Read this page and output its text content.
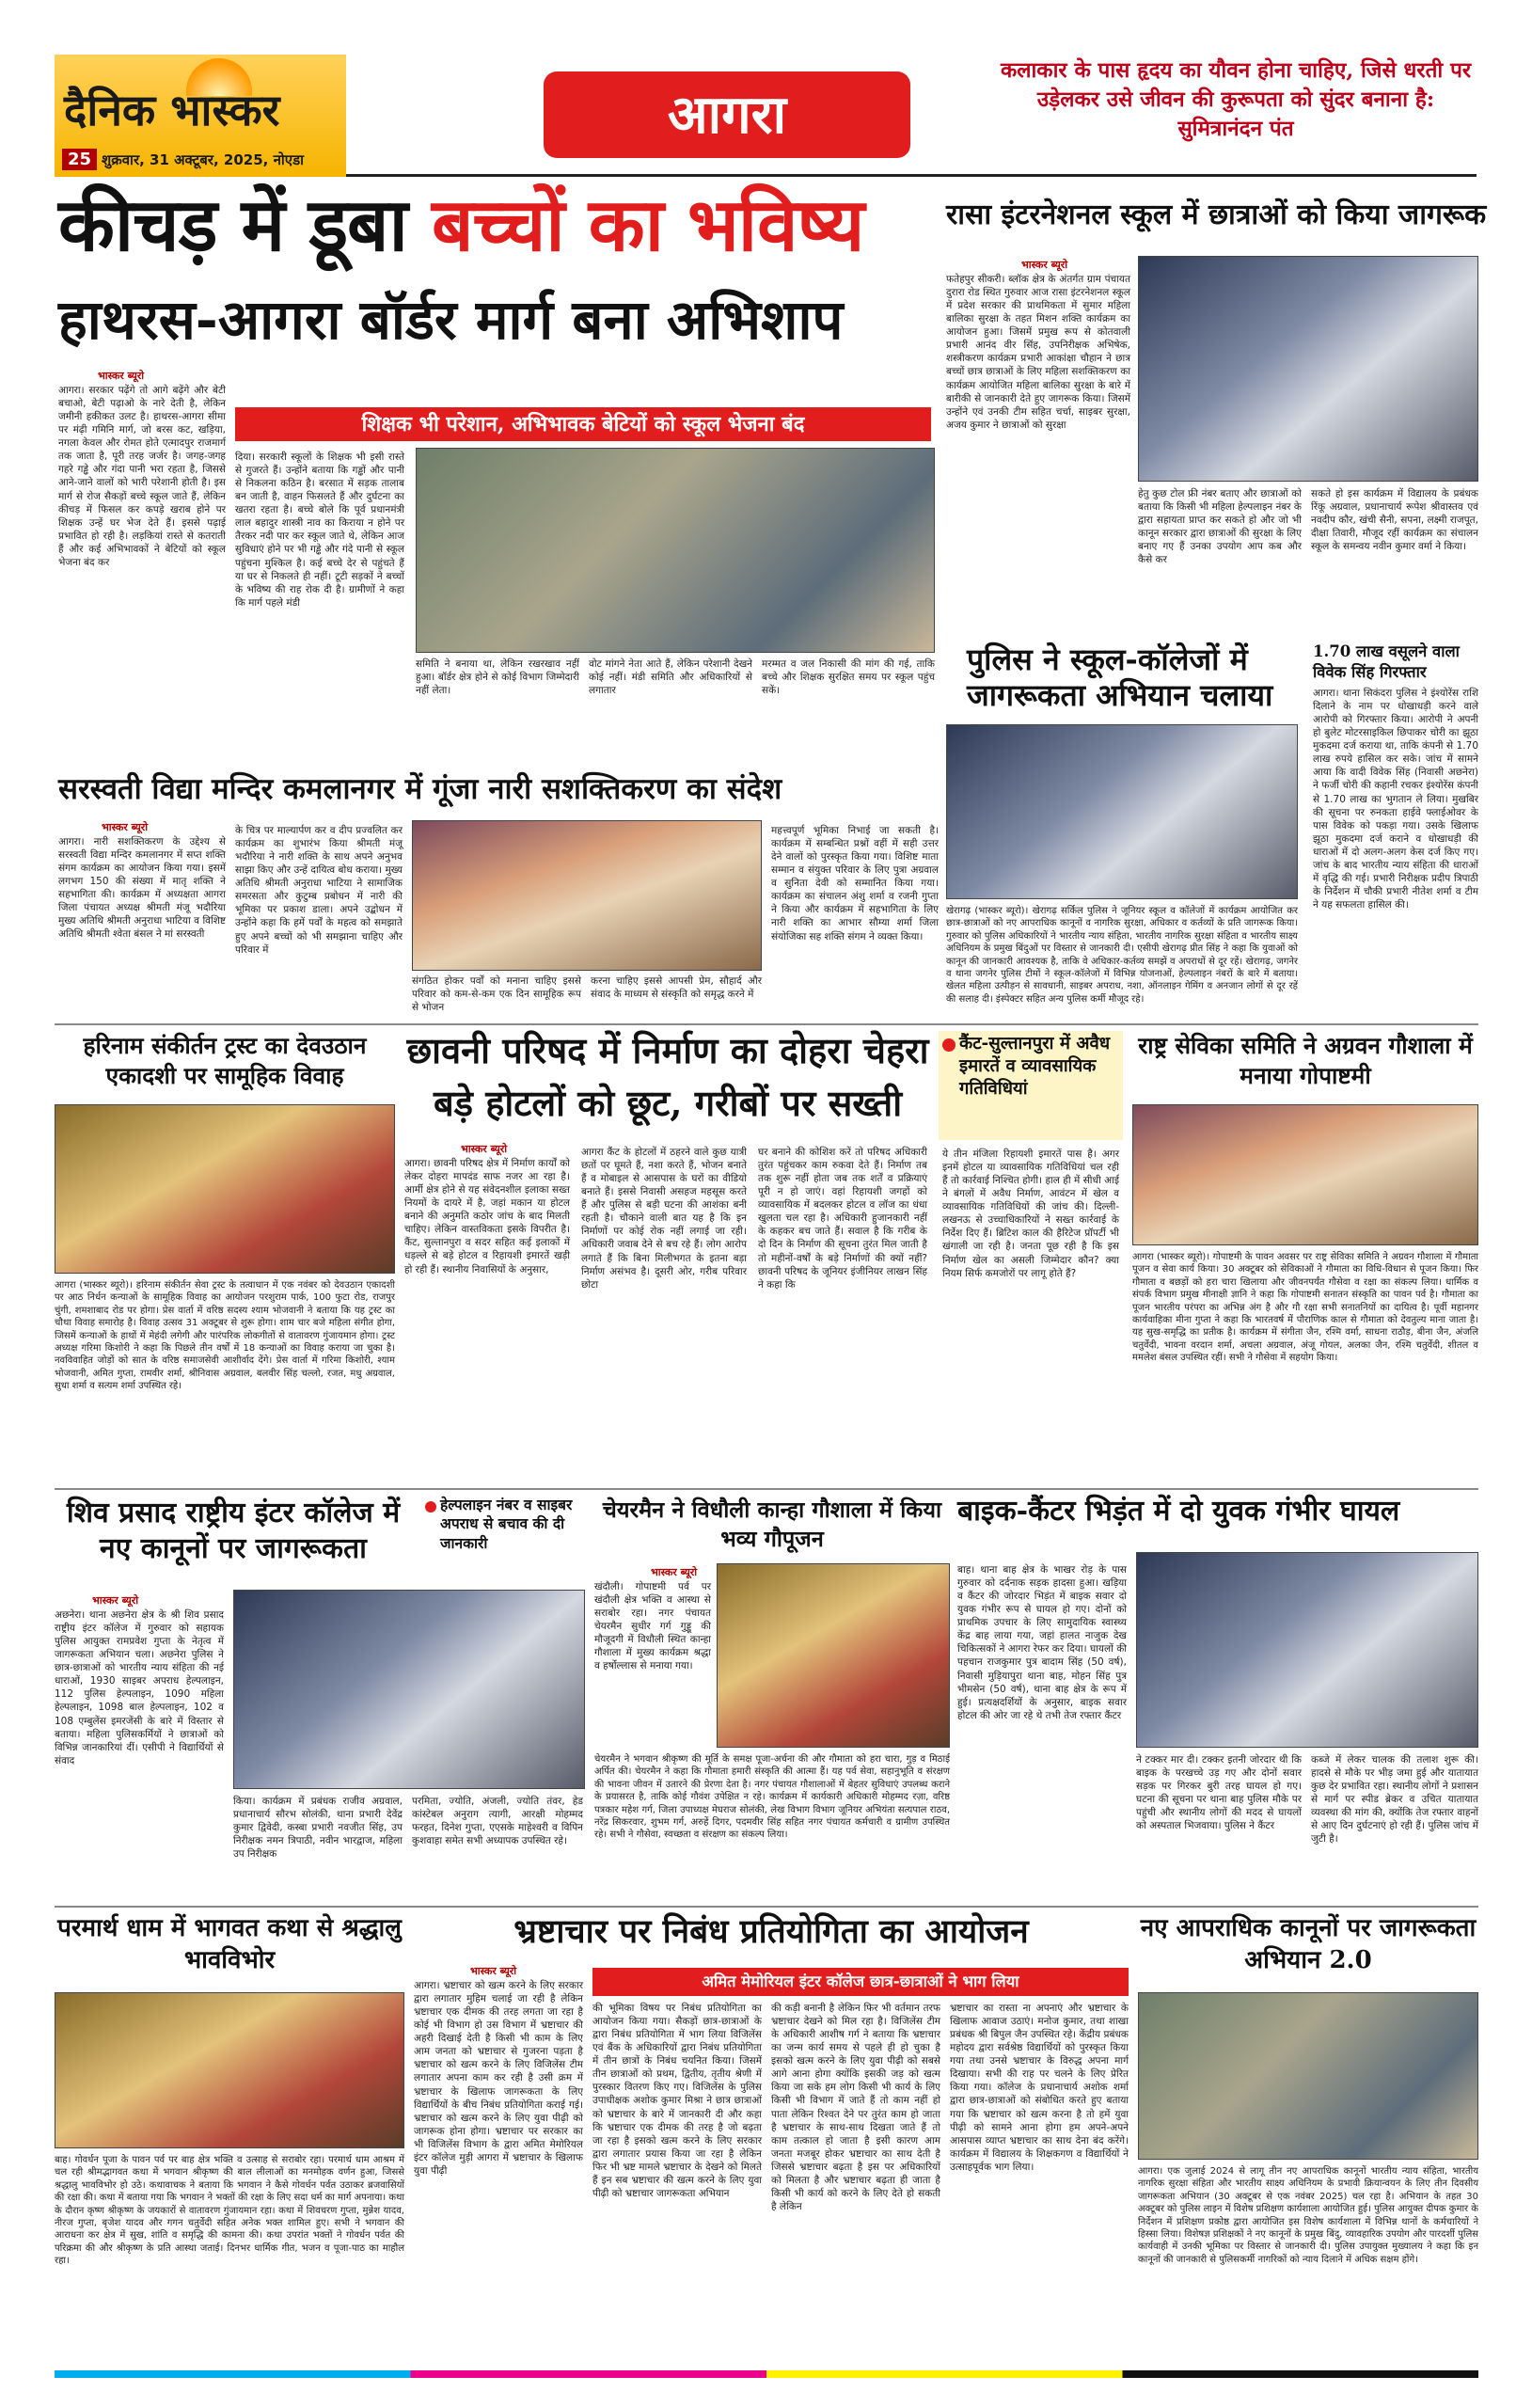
दैनिक भास्कर
25 शुक्रवार, 31 अक्टूबर, 2025, नोएडा
आगरा
कलाकार के पास हृदय का यौवन होना चाहिए, जिसे धरती पर उड़ेलकर उसे जीवन की कुरूपता को सुंदर बनाना है: सुमित्रानंदन पंत
कीचड़ में डूबा बच्चों का भविष्य
हाथरस-आगरा बॉर्डर मार्ग बना अभिशाप
भास्कर ब्यूरो
आगरा। सरकार पढ़ेंगे तो आगे बढ़ेंगे और बेटी बचाओ, बेटी पढ़ाओ के नारे देती है, लेकिन जमीनी हकीकत उलट है। हाथरस-आगरा सीमा पर मंढ़ी गमिनि मार्ग, जो बरस कट, खड़िया, नगला केवल और रोमत होते एत्मादपुर राजमार्ग तक जाता है, पूरी तरह जर्जर है। जगह-जगह गहरे गड्ढे और गंदा पानी भरा रहता है, जिससे आने-जाने वालों को भारी परेशानी होती है। इस मार्ग से रोज सैकड़ों बच्चे स्कूल जाते हैं, लेकिन कीचड़ में फिसल कर कपड़े खराब होने पर शिक्षक उन्हें घर भेज देते हैं। इससे पढ़ाई प्रभावित हो रही है। लड़कियां रास्ते से कतराती हैं और कई अभिभावकों ने बेटियों को स्कूल भेजना बंद कर
शिक्षक भी परेशान, अभिभावक बेटियों को स्कूल भेजना बंद
दिया। सरकारी स्कूलों के शिक्षक भी इसी रास्ते से गुजरते हैं। उन्होंने बताया कि गड्ढों और पानी से निकलना कठिन है। बरसात में सड़क तालाब बन जाती है, वाहन फिसलते हैं और दुर्घटना का खतरा रहता है। बच्चे बोले कि पूर्व प्रधानमंत्री लाल बहादुर शास्त्री नाव का किराया न होने पर तैरकर नदी पार कर स्कूल जाते थे, लेकिन आज सुविधाएं होने पर भी गड्ढे और गंदे पानी से स्कूल पहुंचना मुश्किल है। कई बच्चे देर से पहुंचते हैं या घर से निकलते ही नहीं। टूटी सड़कों ने बच्चों के भविष्य की राह रोक दी है। ग्रामीणों ने कहा कि मार्ग पहले मंडी
समिति ने बनाया था, लेकिन रखरखाव नहीं हुआ। बॉर्डर क्षेत्र होने से कोई विभाग जिम्मेदारी नहीं लेता।
वोट मांगने नेता आते हैं, लेकिन परेशानी देखने कोई नहीं। मंडी समिति और अधिकारियों से लगातार
मरम्मत व जल निकासी की मांग की गई, ताकि बच्चे और शिक्षक सुरक्षित समय पर स्कूल पहुंच सकें।
रासा इंटरनेशनल स्कूल में छात्राओं को किया जागरूक
भास्कर ब्यूरो
फतेहपुर सीकरी। ब्लॉक क्षेत्र के अंतर्गत ग्राम पंचायत दुरारा रोड स्थित गुरुवार आज रासा इंटरनेशनल स्कूल में प्रदेश सरकार की प्राथमिकता में सुमार महिला बालिका सुरक्षा के तहत मिशन शक्ति कार्यक्रम का आयोजन हुआ। जिसमें प्रमुख रूप से कोतवाली प्रभारी आनंद वीर सिंह, उपनिरीक्षक अभिषेक, शस्त्रीकरण कार्यक्रम प्रभारी आकांक्षा चौहान ने छात्र बच्चों छात्र छात्राओं के लिए महिला सशक्तिकरण का कार्यक्रम आयोजित महिला बालिका सुरक्षा के बारे में बारीकी से जानकारी देते हुए जागरूक किया। जिसमें उन्होंने एवं उनकी टीम सहित चर्चा, साइबर सुरक्षा, अजय कुमार ने छात्राओं को सुरक्षा
हेतु कुछ टोल फ्री नंबर बताए और छात्राओं को बताया कि किसी भी महिला हेल्पलाइन नंबर के द्वारा सहायता प्राप्त कर सकते हो और जो भी कानून सरकार द्वारा छात्राओं की सुरक्षा के लिए बनाए गए हैं उनका उपयोग आप कब और कैसे कर
सकते हो इस कार्यक्रम में विद्यालय के प्रबंधक रिंकू अग्रवाल, प्रधानाचार्य रूपेश श्रीवास्तव एवं नवदीप कौर, खंची सैनी, सपना, लक्ष्मी राजपूत, दीक्षा तिवारी, मौजूद रहीं कार्यक्रम का संचालन स्कूल के समन्वय नवीन कुमार वर्मा ने किया।
पुलिस ने स्कूल-कॉलेजों में जागरूकता अभियान चलाया
खेरागढ़ (भास्कर ब्यूरो)। खेरागढ़ सर्किल पुलिस ने जूनियर स्कूल व कॉलेजों में कार्यक्रम आयोजित कर छात्र-छात्राओं को नए आपराधिक कानूनों व नागरिक सुरक्षा, अधिकार व कर्तव्यों के प्रति जागरूक किया। गुरुवार को पुलिस अधिकारियों ने भारतीय न्याय संहिता, भारतीय नागरिक सुरक्षा संहिता व भारतीय साक्ष्य अधिनियम के प्रमुख बिंदुओं पर विस्तार से जानकारी दी। एसीपी खेरागढ़ प्रीत सिंह ने कहा कि युवाओं को कानून की जानकारी आवश्यक है, ताकि वे अधिकार-कर्तव्य समझें व अपराधों से दूर रहें। खेरागढ़, जगनेर व थाना जगनेर पुलिस टीमों ने स्कूल-कॉलेजों में विभिन्न योजनाओं, हेल्पलाइन नंबरों के बारे में बताया। खेलत महिला उत्पीड़न से सावधानी, साइबर अपराध, नशा, ऑनलाइन गेमिंग व अनजान लोगों से दूर रहें की सलाह दी। इंस्पेक्टर सहित अन्य पुलिस कर्मी मौजूद रहे।
1.70 लाख वसूलने वाला विवेक सिंह गिरफ्तार
आगरा। थाना सिकंदरा पुलिस ने इंश्योरेंस राशि दिलाने के नाम पर धोखाधड़ी करने वाले आरोपी को गिरफ्तार किया। आरोपी ने अपनी हो बुलेट मोटरसाइकिल छिपाकर चोरी का झूठा मुकदमा दर्ज कराया था, ताकि कंपनी से 1.70 लाख रुपये हासिल कर सके। जांच में सामने आया कि वादी विवेक सिंह (निवासी अछनेरा) ने फर्जी चोरी की कहानी रचकर इंश्योरेंस कंपनी से 1.70 लाख का भुगतान ले लिया। मुखबिर की सूचना पर रुनकता हाईवे फ्लाईओवर के पास विवेक को पकड़ा गया। उसके खिलाफ झूठा मुकदमा दर्ज कराने व धोखाधड़ी की धाराओं में दो अलग-अलग केस दर्ज किए गए। जांच के बाद भारतीय न्याय संहिता की धाराओं में वृद्धि की गई। प्रभारी निरीक्षक प्रदीप त्रिपाठी के निर्देशन में चौकी प्रभारी नीतेश शर्मा व टीम ने यह सफलता हासिल की।
सरस्वती विद्या मन्दिर कमलानगर में गूंजा नारी सशक्तिकरण का संदेश
भास्कर ब्यूरो
आगरा। नारी सशक्तिकरण के उद्देश्य से सरस्वती विद्या मन्दिर कमलानगर में सप्त शक्ति संगम कार्यक्रम का आयोजन किया गया। इसमें लगभग 150 की संख्या में मातृ शक्ति ने सहभागिता की। कार्यक्रम में अध्यक्षता आगरा जिला पंचायत अध्यक्ष श्रीमती मंजू भदौरिया मुख्य अतिथि श्रीमती अनुराधा भाटिया व विशिष्ट अतिथि श्रीमती श्वेता बंसल ने मां सरस्वती
के चित्र पर माल्यार्पण कर व दीप प्रज्वलित कर कार्यक्रम का शुभारंभ किया श्रीमती मंजू भदौरिया ने नारी शक्ति के साथ अपने अनुभव साझा किए और उन्हें दायित्व बोध कराया। मुख्य अतिथि श्रीमती अनुराधा भाटिया ने सामाजिक समरसता और कुटुम्ब प्रबोधन में नारी की भूमिका पर प्रकाश डाला। अपने उद्बोधन में उन्होंने कहा कि हमें पर्वों के महत्व को समझाते हुए अपने बच्चों को भी समझाना चाहिए और परिवार में
संगठित होकर पर्वों को मनाना चाहिए इससे परिवार को कम-से-कम एक दिन सामूहिक रूप से भोजन
करना चाहिए इससे आपसी प्रेम, सौहार्द और संवाद के माध्यम से संस्कृति को समृद्ध करने में
महत्त्वपूर्ण भूमिका निभाई जा सकती है। कार्यक्रम में सम्बन्धित प्रश्नों वहीं में सही उत्तर देने वालों को पुरस्कृत किया गया। विशिष्ट माता सम्मान व संयुक्त परिवार के लिए पुत्रा अग्रवाल व सुनिता देवी को सम्मानित किया गया। कार्यक्रम का संचालन अंशु शर्मा व रजनी गुप्ता ने किया और कार्यक्रम में सहभागिता के लिए नारी शक्ति का आभार सौम्या शर्मा जिला संयोजिका सह शक्ति संगम ने व्यक्त किया।
हरिनाम संकीर्तन ट्रस्ट का देवउठान एकादशी पर सामूहिक विवाह
आगरा (भास्कर ब्यूरो)। हरिनाम संकीर्तन सेवा ट्रस्ट के तत्वाधान में एक नवंबर को देवउठान एकादशी पर आठ निर्धन कन्याओं के सामूहिक विवाह का आयोजन परशुराम पार्क, 100 फुटा रोड, राजपुर चुंगी, शमशाबाद रोड पर होगा। प्रेस वार्ता में वरिष्ठ सदस्य श्याम भोजवानी ने बताया कि यह ट्रस्ट का चौथा विवाह समारोह है। विवाह उत्सव 31 अक्टूबर से शुरू होगा। शाम चार बजे महिला संगीत होगा, जिसमें कन्याओं के हाथों में मेहंदी लगेगी और पारंपरिक लोकगीतों से वातावरण गुंजायमान होगा। ट्रस्ट अध्यक्ष गरिमा किशोरी ने कहा कि पिछले तीन वर्षों में 18 कन्याओं का विवाह कराया जा चुका है। नवविवाहित जोड़ों को सात के वरिष्ठ समाजसेवी आशीर्वाद देंगे। प्रेस वार्ता में गरिमा किशोरी, श्याम भोजवानी, अमित गुप्ता, रामवीर शर्मा, श्रीनिवास अग्रवाल, बलवीर सिंह चल्लो, रजत, मधु अग्रवाल, सुधा शर्मा व सत्यम शर्मा उपस्थित रहे।
छावनी परिषद में निर्माण का दोहरा चेहरा
बड़े होटलों को छूट, गरीबों पर सख्ती
भास्कर ब्यूरो
आगरा। छावनी परिषद क्षेत्र में निर्माण कार्यों को लेकर दोहरा मापदंड साफ नजर आ रहा है। आर्मी क्षेत्र होने से यह संवेदनशील इलाका सख्त नियमों के दायरे में है, जहां मकान या होटल बनाने की अनुमति कठोर जांच के बाद मिलती चाहिए। लेकिन वास्तविकता इसके विपरीत है। कैंट, सुल्तानपुरा व सदर सहित कई इलाकों में धड़ल्ले से बड़े होटल व रिहायशी इमारतें खड़ी हो रही हैं। स्थानीय निवासियों के अनुसार,
आगरा कैंट के होटलों में ठहरने वाले कुछ यात्री छतों पर घूमते हैं, नशा करते हैं, भोजन बनाते हैं व मोबाइल से आसपास के घरों का वीडियो बनाते हैं। इससे निवासी असहज महसूस करते हैं और पुलिस से बड़ी घटना की आशंका बनी रहती है। चौकाने वाली बात यह है कि इन निर्माणों पर कोई रोक नहीं लगाई जा रही। अधिकारी जवाब देने से बच रहे हैं। लोग आरोप लगाते हैं कि बिना मिलीभगत के इतना बड़ा निर्माण असंभव है। दूसरी ओर, गरीब परिवार छोटा
घर बनाने की कोशिश करें तो परिषद अधिकारी तुरंत पहुंचकर काम रुकवा देते हैं। निर्माण तब तक शुरू नहीं होता जब तक शर्तें व प्रक्रियाएं पूरी न हो जाएं। वहां रिहायशी जगहों को व्यावसायिक में बदलकर होटल व लॉज का धंधा खुलता चल रहा है। अधिकारी हुजानकारी नहीं के कहकर बच जाते हैं। सवाल है कि गरीब के दो दिन के निर्माण की सूचना तुरंत मिल जाती है तो महीनों-वर्षों के बड़े निर्माणों की क्यों नहीं? छावनी परिषद के जूनियर इंजीनियर लाखन सिंह ने कहा कि
कैंट-सुल्तानपुरा में अवैध इमारतें व व्यावसायिक गतिविधियां
ये तीन मंजिला रिहायशी इमारतें पास है। अगर इनमें होटल या व्यावसायिक गतिविधियां चल रही हैं तो कार्रवाई निश्चित होगी। हाल ही में सीधी आई ने बंगलों में अवैध निर्माण, आवंटन में खेल व व्यावसायिक गतिविधियों की जांच की। दिल्ली-लखनऊ से उच्चाधिकारियों ने सख्त कार्रवाई के निर्देश दिए हैं। ब्रिटिश काल की हैरिटेज प्रॉपर्टी भी खंगाली जा रही है। जनता पूछ रही है कि इस निर्माण खेल का असली जिम्मेदार कौन? क्या नियम सिर्फ कमजोरों पर लागू होते हैं?
राष्ट्र सेविका समिति ने अग्रवन गौशाला में मनाया गोपाष्टमी
आगरा (भास्कर ब्यूरो)। गोपाष्टमी के पावन अवसर पर राष्ट्र सेविका समिति ने अग्रवन गौशाला में गौमाता पूजन व सेवा कार्य किया। 30 अक्टूबर को सेविकाओं ने गौमाता का विधि-विधान से पूजन किया। फिर गौमाता व बछड़ों को हरा चारा खिलाया और जीवनपर्यंत गौसेवा व रक्षा का संकल्प लिया। धार्मिक व संपर्क विभाग प्रमुख मीनाक्षी ज्ञानि ने कहा कि गोपाष्टमी सनातन संस्कृति का पावन पर्व है। गौमाता का पूजन भारतीय परंपरा का अभिन्न अंग है और गौ रक्षा सभी सनातनियों का दायित्व है। पूर्वी महानगर कार्यवाहिका मीना गुप्ता ने कहा कि भारतवर्ष में पौराणिक काल से गौमाता को देवतुल्य माना जाता है। यह सुख-समृद्धि का प्रतीक है। कार्यक्रम में संगीता जैन, रश्मि वर्मा, साधना राठौड़, बीना जैन, अंजलि चतुर्वेदी, भावना वरदान शर्मा, अचला अग्रवाल, अंजू गोयल, अलका जैन, रश्मि चतुर्वेदी, शीतल व ममलेश बंसल उपस्थित रहीं। सभी ने गौसेवा में सहयोग किया।
शिव प्रसाद राष्ट्रीय इंटर कॉलेज में नए कानूनों पर जागरूकता
भास्कर ब्यूरो
अछनेरा। थाना अछनेरा क्षेत्र के श्री शिव प्रसाद राष्ट्रीय इंटर कॉलेज में गुरुवार को सहायक पुलिस आयुक्त रामप्रवेश गुप्ता के नेतृत्व में जागरूकता अभियान चला। अछनेरा पुलिस ने छात्र-छात्राओं को भारतीय न्याय संहिता की नई धाराओं, 1930 साइबर अपराध हेल्पलाइन, 112 पुलिस हेल्पलाइन, 1090 महिला हेल्पलाइन, 1098 बाल हेल्पलाइन, 102 व 108 एम्बुलेंस इमरजेंसी के बारे में विस्तार से बताया। महिला पुलिसकर्मियों ने छात्राओं को विभिन्न जानकारियां दीं। एसीपी ने विद्यार्थियों से संवाद
किया। कार्यक्रम में प्रबंधक राजीव अग्रवाल, प्रधानाचार्य सौरभ सोलंकी, थाना प्रभारी देवेंद्र कुमार द्विवेदी, कस्बा प्रभारी नवजीत सिंह, उप निरीक्षक नमन त्रिपाठी, नवीन भारद्वाज, महिला उप निरीक्षक
परमिता, ज्योति, अंजली, ज्योति तंवर, हेड कांस्टेबल अनुराग त्यागी, आरक्षी मोहम्मद फरहत, दिनेश गुप्ता, एएसके माहेश्वरी व विपिन कुशवाहा समेत सभी अध्यापक उपस्थित रहे।
हेल्पलाइन नंबर व साइबर अपराध से बचाव की दी जानकारी
चेयरमैन ने विधौली कान्हा गौशाला में किया भव्य गौपूजन
भास्कर ब्यूरो
खंदौली। गोपाष्टमी पर्व पर खंदौली क्षेत्र भक्ति व आस्था से सराबोर रहा। नगर पंचायत चेयरमैन सुधीर गर्ग गुड्डू की मौजूदगी में विधौली स्थित कान्हा गौशाला में मुख्य कार्यक्रम श्रद्धा व हर्षोल्लास से मनाया गया।
चेयरमैन ने भगवान श्रीकृष्ण की मूर्ति के समक्ष पूजा-अर्चना की और गौमाता को हरा चारा, गुड़ व मिठाई अर्पित की। चेयरमैन ने कहा कि गौमाता हमारी संस्कृति की आत्मा हैं। यह पर्व सेवा, सहानुभूति व संरक्षण की भावना जीवन में उतारने की प्रेरणा देता है। नगर पंचायत गौशालाओं में बेहतर सुविधाएं उपलब्ध कराने के प्रयासरत है, ताकि कोई गौवंश उपेक्षित न रहे। कार्यक्रम में कार्यकारी अधिकारी मोहम्मद रज़ा, वरिष्ठ पत्रकार महेश गर्ग, जिला उपाध्यक्ष मेघराज सोलंकी, लेख विभाग विभाग जूनियर अभियंता सत्यपाल राठव, नरेंद्र सिकरवार, शुभम गर्ग, अरुहें दिगर, पदमवीर सिंह सहित नगर पंचायत कर्मचारी व ग्रामीण उपस्थित रहे। सभी ने गौसेवा, स्वच्छता व संरक्षण का संकल्प लिया।
बाइक-कैंटर भिड़ंत में दो युवक गंभीर घायल
बाह। थाना बाह क्षेत्र के भाखर रोड़ के पास गुरुवार को दर्दनाक सड़क हादसा हुआ। खड़िया व कैंटर की जोरदार भिड़ंत में बाइक सवार दो युवक गंभीर रूप से घायल हो गए। दोनों को प्राथमिक उपचार के लिए सामुदायिक स्वास्थ्य केंद्र बाह लाया गया, जहां हालत नाजुक देख चिकित्सकों ने आगरा रेफर कर दिया। घायलों की पहचान राजकुमार पुत्र बादाम सिंह (50 वर्ष), निवासी मुड़ियापुरा थाना बाह, मोहन सिंह पुत्र भीमसेन (50 वर्ष), थाना बाह क्षेत्र के रूप में हुई। प्रत्यक्षदर्शियों के अनुसार, बाइक सवार होटल की ओर जा रहे थे तभी तेज रफ्तार कैंटर
ने टक्कर मार दी। टक्कर इतनी जोरदार थी कि बाइक के परखच्चे उड़ गए और दोनों सवार सड़क पर गिरकर बुरी तरह घायल हो गए। घटना की सूचना पर थाना बाह पुलिस मौके पर पहुंची और स्थानीय लोगों की मदद से घायलों को अस्पताल भिजवाया। पुलिस ने कैंटर
कब्जे में लेकर चालक की तलाश शुरू की। हादसे से मौके पर भीड़ जमा हुई और यातायात कुछ देर प्रभावित रहा। स्थानीय लोगों ने प्रशासन से मार्ग पर स्पीड ब्रेकर व उचित यातायात व्यवस्था की मांग की, क्योंकि तेज रफ्तार वाहनों से आए दिन दुर्घटनाएं हो रही हैं। पुलिस जांच में जुटी है।
परमार्थ धाम में भागवत कथा से श्रद्धालु भावविभोर
बाह। गोवर्धन पूजा के पावन पर्व पर बाह क्षेत्र भक्ति व उत्साह से सराबोर रहा। परमार्थ धाम आश्रम में चल रही श्रीमद्भागवत कथा में भगवान श्रीकृष्ण की बाल लीलाओं का मनमोहक वर्णन हुआ, जिससे श्रद्धालु भावविभोर हो उठे। कथावाचक ने बताया कि भगवान ने कैसे गोवर्धन पर्वत उठाकर ब्रजवासियों की रक्षा की। कथा में बताया गया कि भगवान ने भक्तों की रक्षा के लिए सदा धर्म का मार्ग अपनाया। कथा के दौरान कृष्ण श्रीकृष्ण के जयकारों से वातावरण गुंजायमान रहा। कथा में शिवचरण गुप्ता, मुन्नेश यादव, नीरज गुप्ता, बृजेश यादव और गगन चतुर्वेदी सहित अनेक भक्त शामिल हुए। सभी ने भगवान की आराधना कर क्षेत्र में सुख, शांति व समृद्धि की कामना की। कथा उपरांत भक्तों ने गोवर्धन पर्वत की परिक्रमा की और श्रीकृष्ण के प्रति आस्था जताई। दिनभर धार्मिक गीत, भजन व पूजा-पाठ का माहौल रहा।
भ्रष्टाचार पर निबंध प्रतियोगिता का आयोजन
भास्कर ब्यूरो
आगरा। भ्रष्टाचार को खत्म करने के लिए सरकार द्वारा लगातार मुहिम चलाई जा रही है लेकिन भ्रष्टाचार एक दीमक की तरह लगता जा रहा है कोई भी विभाग हो उस विभाग में भ्रष्टाचार की अहरी दिखाई देती है किसी भी काम के लिए आम जनता को भ्रष्टाचार से गुजरना पड़ता है भ्रष्टाचार को खत्म करने के लिए विजिलेंस टीम लगातार अपना काम कर रही है उसी क्रम में भ्रष्टाचार के खिलाफ जागरूकता के लिए विद्यार्थियों के बीच निबंध प्रतियोगिता कराई गई। भ्रष्टाचार को खत्म करने के लिए युवा पीढ़ी को जागरूक होना होगा। भ्रष्टाचार पर सरकार का भी विजिलेंस विभाग के द्वारा अमित मेमोरियल इंटर कॉलेज मुड़ी आगरा में भ्रष्टाचार के खिलाफ युवा पीढ़ी
अमित मेमोरियल इंटर कॉलेज छात्र-छात्राओं ने भाग लिया
की भूमिका विषय पर निबंध प्रतियोगिता का आयोजन किया गया। सैकड़ों छात्र-छात्राओं के द्वारा निबंध प्रतियोगिता में भाग लिया विजिलेंस एवं बैंक के अधिकारियों द्वारा निबंध प्रतियोगिता में तीन छात्रों के निबंध चयनित किया। जिसमें तीन छात्राओं को प्रथम, द्वितीय, तृतीय श्रेणी में पुरस्कार वितरण किए गए। विजिलेंस के पुलिस उपाधीक्षक अशोक कुमार मिश्रा ने छात्र छात्राओं को भ्रष्टाचार के बारे में जानकारी दी और कहा कि भ्रष्टाचार एक दीमक की तरह है जो बढ़ता जा रहा है इसको खत्म करने के लिए सरकार द्वारा लगातार प्रयास किया जा रहा है लेकिन फिर भी भ्रष्ट मामले भ्रष्टाचार के देखने को मिलते हैं इन सब भ्रष्टाचार की खत्म करने के लिए युवा पीढ़ी को भ्रष्टाचार जागरूकता अभियान
की कड़ी बनानी है लेकिन फिर भी वर्तमान तरफ भ्रष्टाचार देखने को मिल रहा है। विजिलेंस टीम के अधिकारी आशीष गर्ग ने बताया कि भ्रष्टाचार का जन्म कार्य समय से पहले ही हो चुका है इसको खत्म करने के लिए युवा पीढ़ी को सबसे आगे आना होगा क्योंकि इसकी जड़ को खत्म किया जा सके हम लोग किसी भी कार्य के लिए किसी भी विभाग में जाते हैं तो काम नहीं हो पाता लेकिन रिश्वत देने पर तुरंत काम हो जाता है भ्रष्टाचार के साथ-साथ दिखता जाते हैं तो काम तत्काल हो जाता है इसी कारण आम जनता मजबूर होकर भ्रष्टाचार का साथ देती है जिससे भ्रष्टाचार बढ़ता है इस पर अधिकारियों को मिलता है और भ्रष्टाचार बढ़ता ही जाता है किसी भी कार्य को करने के लिए देते हो सकती है लेकिन
भ्रष्टाचार का रास्ता ना अपनाएं और भ्रष्टाचार के खिलाफ आवाज उठाएं। मनोज कुमार, तथा शाखा प्रबंधक श्री बिपुल जैन उपस्थित रहे। केंद्रीय प्रबंधक महोदय द्वारा सर्वश्रेष्ठ विद्यार्थियों को पुरस्कृत किया गया तथा उनसे भ्रष्टाचार के विरुद्ध अपना मार्ग दिखाया। सभी की राह पर चलने के लिए प्रेरित किया गया। कॉलेज के प्रधानाचार्य अशोक शर्मा द्वारा छात्र-छात्राओं को संबोधित करते हुए बताया गया कि भ्रष्टाचार को खत्म करना है तो हमें युवा पीढ़ी को सामने आना होगा हम अपने-अपने आसपास व्याप्त भ्रष्टाचार का साथ देना बंद करेंगे। कार्यक्रम में विद्यालय के शिक्षकगण व विद्यार्थियों ने उत्साहपूर्वक भाग लिया।
नए आपराधिक कानूनों पर जागरूकता अभियान 2.0
आगरा। एक जुलाई 2024 से लागू तीन नए आपराधिक कानूनों भारतीय न्याय संहिता, भारतीय नागरिक सुरक्षा संहिता और भारतीय साक्ष्य अधिनियम के प्रभावी क्रियान्वयन के लिए तीन दिवसीय जागरूकता अभियान (30 अक्टूबर से एक नवंबर 2025) चल रहा है। अभियान के तहत 30 अक्टूबर को पुलिस लाइन में विशेष प्रशिक्षण कार्यशाला आयोजित हुई। पुलिस आयुक्त दीपक कुमार के निर्देशन में प्रशिक्षण प्रकोष्ठ द्वारा आयोजित इस विशेष कार्यशाला में विभिन्न थानों के कर्मचारियों ने हिस्सा लिया। विशेषज्ञ प्रशिक्षकों ने नए कानूनों के प्रमुख बिंदु, व्यावहारिक उपयोग और पारदर्शी पुलिस कार्यवाही में उनकी भूमिका पर विस्तार से जानकारी दी। पुलिस उपायुक्त मुख्यालय ने कहा कि इन कानूनों की जानकारी से पुलिसकर्मी नागरिकों को न्याय दिलाने में अधिक सक्षम होंगे।
